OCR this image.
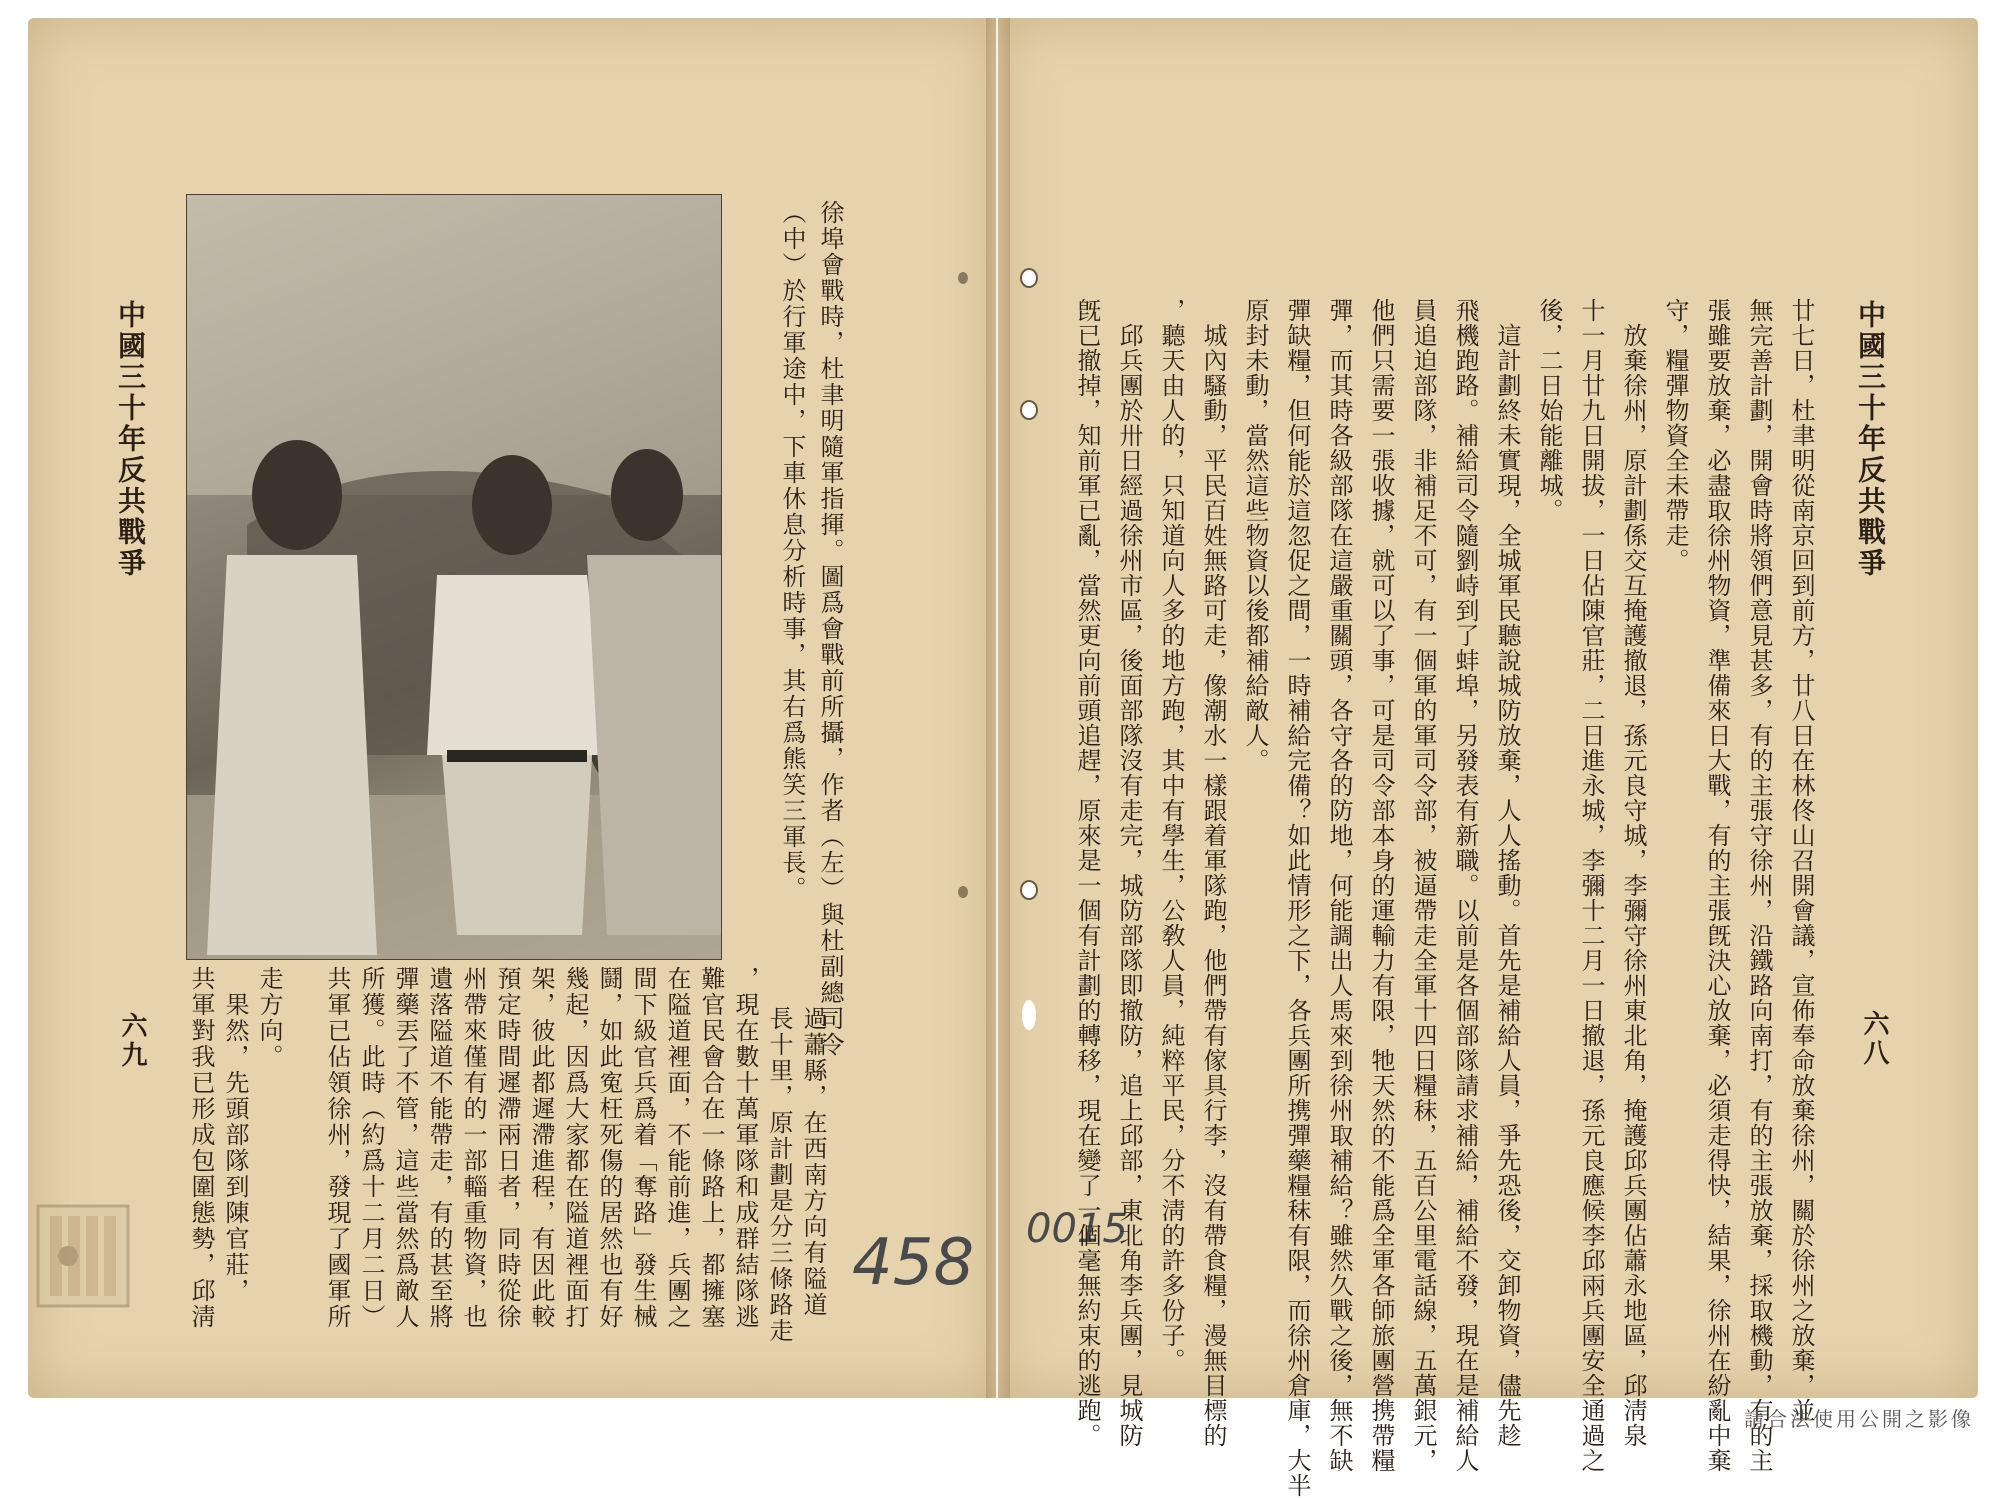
中國三十年反共戰爭
六九	徐埠會戰時，杜聿明隨軍指揮。圖爲會戰前所攝，作者（左）與杜副總司令
（中）於行軍途中，下車休息分析時事，其右爲熊笑三軍長。
過蕭縣，在西南方向有隘道
長十里，原計劃是分三條路走
，現在數十萬軍隊和成群結隊逃
難官民會合在一條路上，都擁塞
在隘道裡面，不能前進，兵團之
間下級官兵爲着「奪路」發生械
鬪，如此寃枉死傷的居然也有好
幾起，因爲大家都在隘道裡面打
架，彼此都遲滯進程，有因此較
預定時間遲滯兩日者，同時從徐
州帶來僅有的一部輜重物資，也
遺落隘道不能帶走，有的甚至將
彈藥丟了不管，這些當然爲敵人
所獲。此時（約爲十二月二日）
共軍已佔領徐州，發現了國軍所
走方向。
　果然，先頭部隊到陳官莊，
共軍對我已形成包圍態勢，邱淸	458 0015
中國三十年反共戰爭
六八
廿七日，杜聿明從南京回到前方，廿八日在林佟山召開會議，宣佈奉命放棄徐州，關於徐州之放棄，並
無完善計劃，開會時將領們意見甚多，有的主張守徐州，沿鐵路向南打，有的主張放棄，採取機動，有的主
張雖要放棄，必盡取徐州物資，準備來日大戰，有的主張旣決心放棄，必須走得快，結果，徐州在紛亂中棄
守，糧彈物資全未帶走。
　放棄徐州，原計劃係交互掩護撤退，孫元良守城，李彌守徐州東北角，掩護邱兵團佔蕭永地區，邱淸泉
十一月廿九日開拔，一日佔陳官莊，二日進永城，李彌十二月一日撤退，孫元良應候李邱兩兵團安全通過之
後，二日始能離城。
　這計劃終未實現，全城軍民聽說城防放棄，人人搖動。首先是補給人員，爭先恐後，交卸物資，儘先趁
飛機跑路。補給司令隨劉峙到了蚌埠，另發表有新職。以前是各個部隊請求補給，補給不發，現在是補給人
員追迫部隊，非補足不可，有一個軍的軍司令部，被逼帶走全軍十四日糧秣，五百公里電話線，五萬銀元，
他們只需要一張收據，就可以了事，可是司令部本身的運輸力有限，牠天然的不能爲全軍各師旅團營携帶糧
彈，而其時各級部隊在這嚴重關頭，各守各的防地，何能調出人馬來到徐州取補給？雖然久戰之後，無不缺
彈缺糧，但何能於這忽促之間，一時補給完備？如此情形之下，各兵團所携彈藥糧秣有限，而徐州倉庫，大半
原封未動，當然這些物資以後都補給敵人。
　城內騷動，平民百姓無路可走，像潮水一樣跟着軍隊跑，他們帶有傢具行李，沒有帶食糧，漫無目標的
，聽天由人的，只知道向人多的地方跑，其中有學生，公敎人員，純粹平民，分不淸的許多份子。
　邱兵團於卅日經過徐州市區，後面部隊沒有走完，城防部隊即撤防，追上邱部，東北角李兵團，見城防
旣已撤掉，知前軍已亂，當然更向前頭追趕，原來是一個有計劃的轉移，現在變了一個毫無約束的逃跑。	請合法使用公開之影像
